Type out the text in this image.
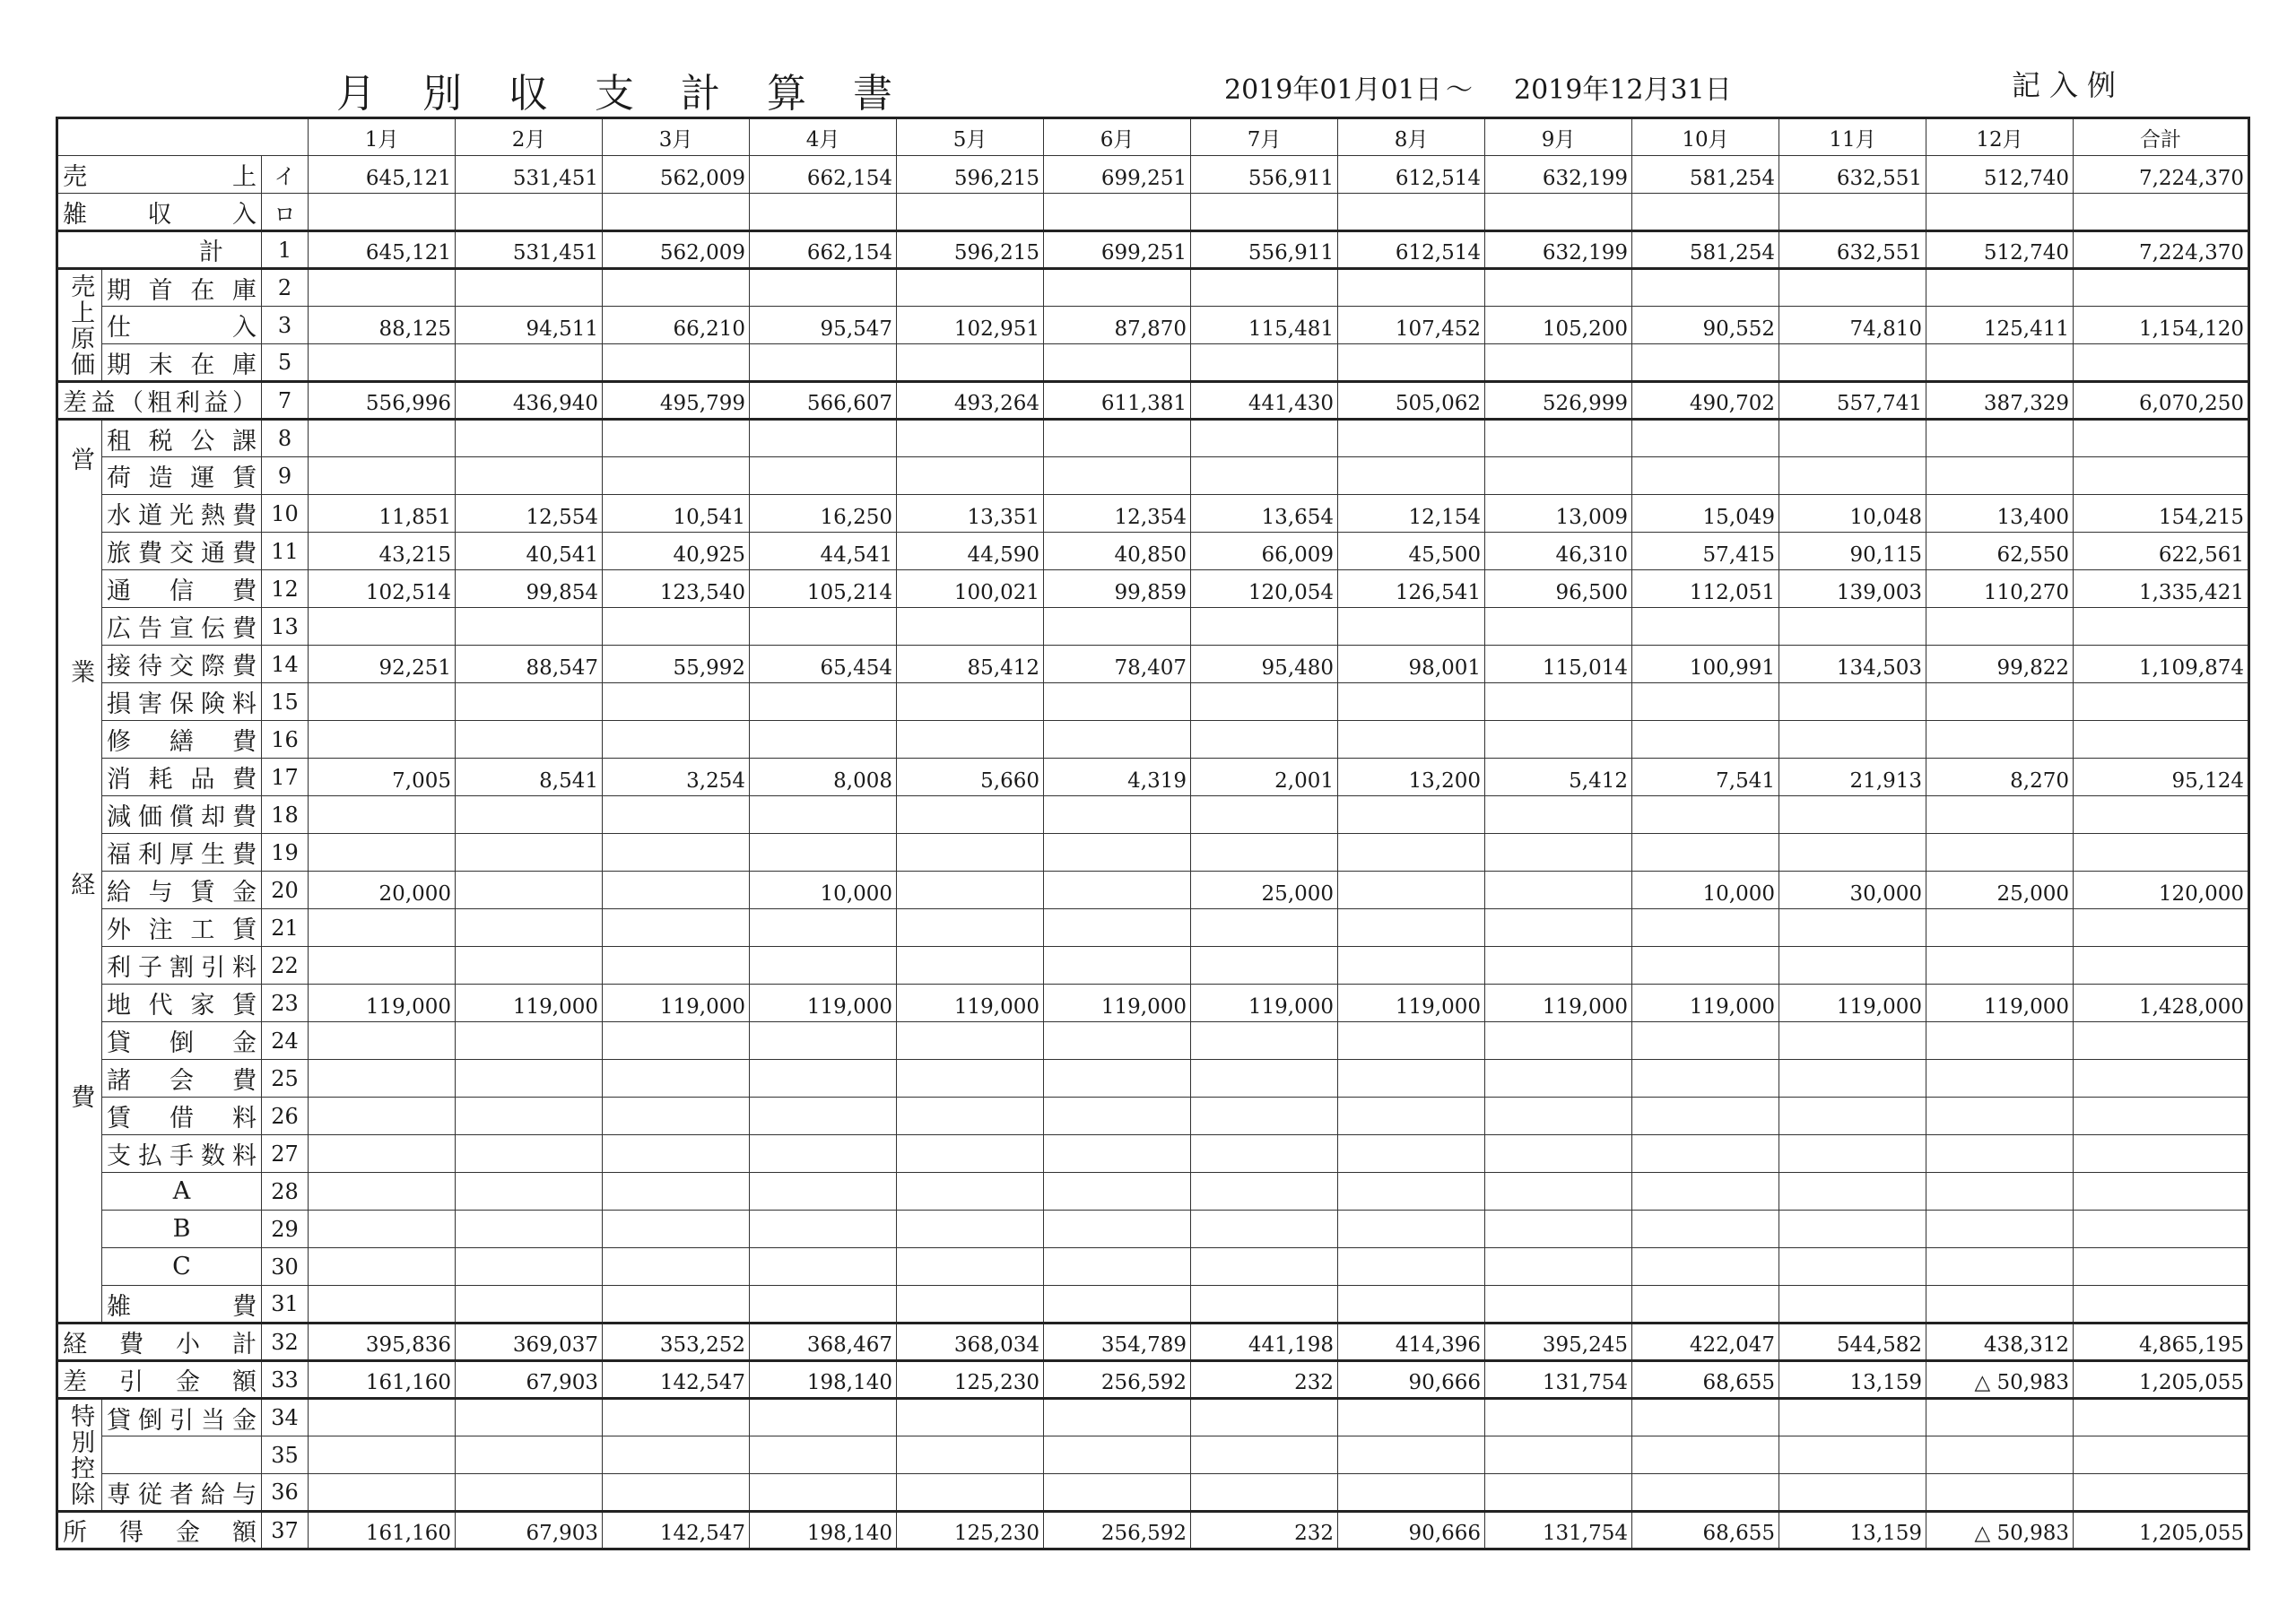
月別収支計算書	2019年01月01日 ～ 2019年12月31日	記入例
			1月	2月	3月	4月	5月	6月	7月	8月	9月	10月	11月	12月	合計
売上		イ	645,121	531,451	562,009	662,154	596,215	699,251	556,911	612,514	632,199	581,254	632,551	512,740	7,224,370
雑収入		ロ													
計		1	645,121	531,451	562,009	662,154	596,215	699,251	556,911	612,514	632,199	581,254	632,551	512,740	7,224,370
売上原価	期首在庫	2													
	仕入	3	88,125	94,511	66,210	95,547	102,951	87,870	115,481	107,452	105,200	90,552	74,810	125,411	1,154,120
	期末在庫	5													
差益（粗利益）		7	556,996	436,940	495,799	566,607	493,264	611,381	441,430	505,062	526,999	490,702	557,741	387,329	6,070,250
営業経費	租税公課	8													
	荷造運賃	9													
	水道光熱費	10	11,851	12,554	10,541	16,250	13,351	12,354	13,654	12,154	13,009	15,049	10,048	13,400	154,215
	旅費交通費	11	43,215	40,541	40,925	44,541	44,590	40,850	66,009	45,500	46,310	57,415	90,115	62,550	622,561
	通信費	12	102,514	99,854	123,540	105,214	100,021	99,859	120,054	126,541	96,500	112,051	139,003	110,270	1,335,421
	広告宣伝費	13													
	接待交際費	14	92,251	88,547	55,992	65,454	85,412	78,407	95,480	98,001	115,014	100,991	134,503	99,822	1,109,874
	損害保険料	15													
	修繕費	16													
	消耗品費	17	7,005	8,541	3,254	8,008	5,660	4,319	2,001	13,200	5,412	7,541	21,913	8,270	95,124
	減価償却費	18													
	福利厚生費	19													
	給与賃金	20	20,000			10,000			25,000			10,000	30,000	25,000	120,000
	外注工賃	21													
	利子割引料	22													
	地代家賃	23	119,000	119,000	119,000	119,000	119,000	119,000	119,000	119,000	119,000	119,000	119,000	119,000	1,428,000
	貸倒金	24													
	諸会費	25													
	賃借料	26													
	支払手数料	27													
	A	28													
	B	29													
	C	30													
	雑費	31													
経費小計		32	395,836	369,037	353,252	368,467	368,034	354,789	441,198	414,396	395,245	422,047	544,582	438,312	4,865,195
差引金額		33	161,160	67,903	142,547	198,140	125,230	256,592	232	90,666	131,754	68,655	13,159	△ 50,983	1,205,055
特別控除	貸倒引当金	34													
		35													
	専従者給与	36													
所得金額		37	161,160	67,903	142,547	198,140	125,230	256,592	232	90,666	131,754	68,655	13,159	△ 50,983	1,205,055
